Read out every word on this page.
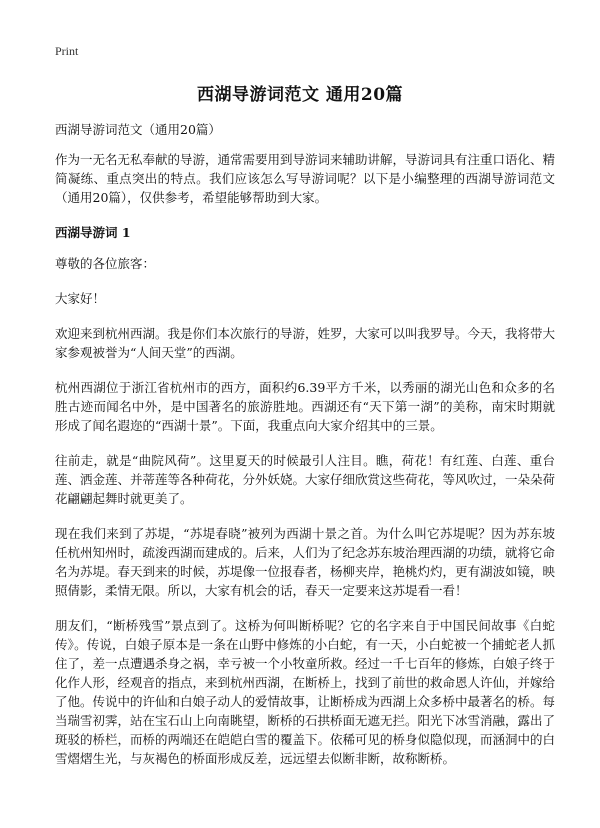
Print
西湖导游词范文 通用20篇

西湖导游词范文（通用20篇）

作为一无名无私奉献的导游，通常需要用到导游词来辅助讲解，导游词具有注重口语化、精简凝练、重点突出的特点。我们应该怎么写导游词呢？以下是小编整理的西湖导游词范文（通用20篇），仅供参考，希望能够帮助到大家。

西湖导游词 1

尊敬的各位旅客：

大家好！

欢迎来到杭州西湖。我是你们本次旅行的导游，姓罗，大家可以叫我罗导。今天，我将带大家参观被誉为“人间天堂”的西湖。

杭州西湖位于浙江省杭州市的西方，面积约6.39平方千米，以秀丽的湖光山色和众多的名胜古迹而闻名中外，是中国著名的旅游胜地。西湖还有“天下第一湖”的美称，南宋时期就形成了闻名遐迩的“西湖十景”。下面，我重点向大家介绍其中的三景。

往前走，就是“曲院风荷”。这里夏天的时候最引人注目。瞧，荷花！有红莲、白莲、重台莲、洒金莲、并蒂莲等各种荷花，分外妖娆。大家仔细欣赏这些荷花，等风吹过，一朵朵荷花翩翩起舞时就更美了。

现在我们来到了苏堤，“苏堤春晓”被列为西湖十景之首。为什么叫它苏堤呢？因为苏东坡任杭州知州时，疏浚西湖而建成的。后来，人们为了纪念苏东坡治理西湖的功绩，就将它命名为苏堤。春天到来的时候，苏堤像一位报春者，杨柳夹岸，艳桃灼灼，更有湖波如镜，映照倩影，柔情无限。所以，大家有机会的话，春天一定要来这苏堤看一看！

朋友们，“断桥残雪”景点到了。这桥为何叫断桥呢？它的名字来自于中国民间故事《白蛇传》。传说，白娘子原本是一条在山野中修炼的小白蛇，有一天，小白蛇被一个捕蛇老人抓住了，差一点遭遇杀身之祸，幸亏被一个小牧童所救。经过一千七百年的修炼，白娘子终于化作人形，经观音的指点，来到杭州西湖，在断桥上，找到了前世的救命恩人许仙，并嫁给了他。传说中的许仙和白娘子动人的爱情故事，让断桥成为西湖上众多桥中最著名的桥。每当瑞雪初霁，站在宝石山上向南眺望，断桥的石拱桥面无遮无拦。阳光下冰雪消融，露出了斑驳的桥栏，而桥的两端还在皑皑白雪的覆盖下。依稀可见的桥身似隐似现，而涵洞中的白雪熠熠生光，与灰褐色的桥面形成反差，远远望去似断非断，故称断桥。
